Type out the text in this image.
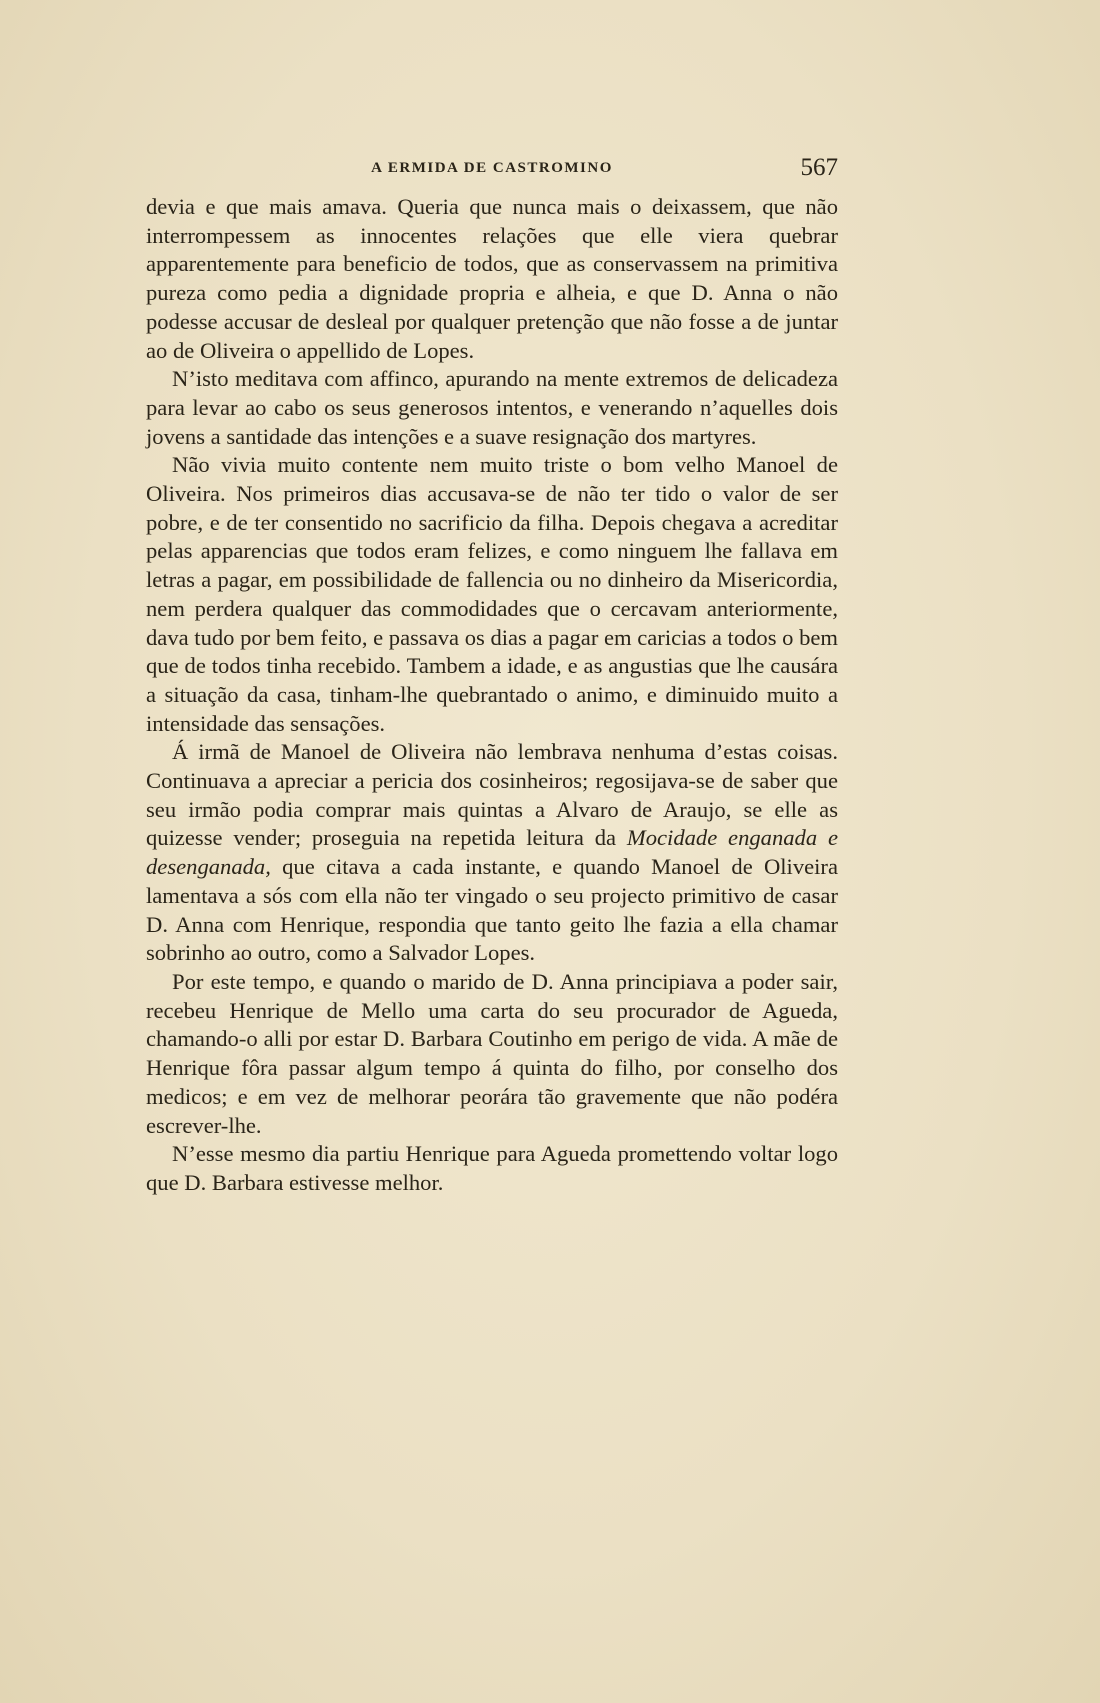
A ERMIDA DE CASTROMINO	567

devia e que mais amava. Queria que nunca mais o deixassem, que não interrompessem as innocentes relações que elle viera quebrar apparentemente para beneficio de todos, que as conservassem na primitiva pureza como pedia a dignidade propria e alheia, e que D. Anna o não podesse accusar de desleal por qualquer pretenção que não fosse a de juntar ao de Oliveira o appellido de Lopes.

N’isto meditava com affinco, apurando na mente extremos de delicadeza para levar ao cabo os seus generosos intentos, e venerando n’aquelles dois jovens a santidade das intenções e a suave resignação dos martyres.

Não vivia muito contente nem muito triste o bom velho Manoel de Oliveira. Nos primeiros dias accusava-se de não ter tido o valor de ser pobre, e de ter consentido no sacrificio da filha. Depois chegava a acreditar pelas apparencias que todos eram felizes, e como ninguem lhe fallava em letras a pagar, em possibilidade de fallencia ou no dinheiro da Misericordia, nem perdera qualquer das commodidades que o cercavam anteriormente, dava tudo por bem feito, e passava os dias a pagar em caricias a todos o bem que de todos tinha recebido. Tambem a idade, e as angustias que lhe causára a situação da casa, tinham-lhe quebrantado o animo, e diminuido muito a intensidade das sensações.

Á irmã de Manoel de Oliveira não lembrava nenhuma d’estas coisas. Continuava a apreciar a pericia dos cosinheiros; regosijava-se de saber que seu irmão podia comprar mais quintas a Alvaro de Araujo, se elle as quizesse vender; proseguia na repetida leitura da Mocidade enganada e desenganada, que citava a cada instante, e quando Manoel de Oliveira lamentava a sós com ella não ter vingado o seu projecto primitivo de casar D. Anna com Henrique, respondia que tanto geito lhe fazia a ella chamar sobrinho ao outro, como a Salvador Lopes.

Por este tempo, e quando o marido de D. Anna principiava a poder sair, recebeu Henrique de Mello uma carta do seu procurador de Agueda, chamando-o alli por estar D. Barbara Coutinho em perigo de vida. A mãe de Henrique fôra passar algum tempo á quinta do filho, por conselho dos medicos; e em vez de melhorar peorára tão gravemente que não podéra escrever-lhe.

N’esse mesmo dia partiu Henrique para Agueda promettendo voltar logo que D. Barbara estivesse melhor.
